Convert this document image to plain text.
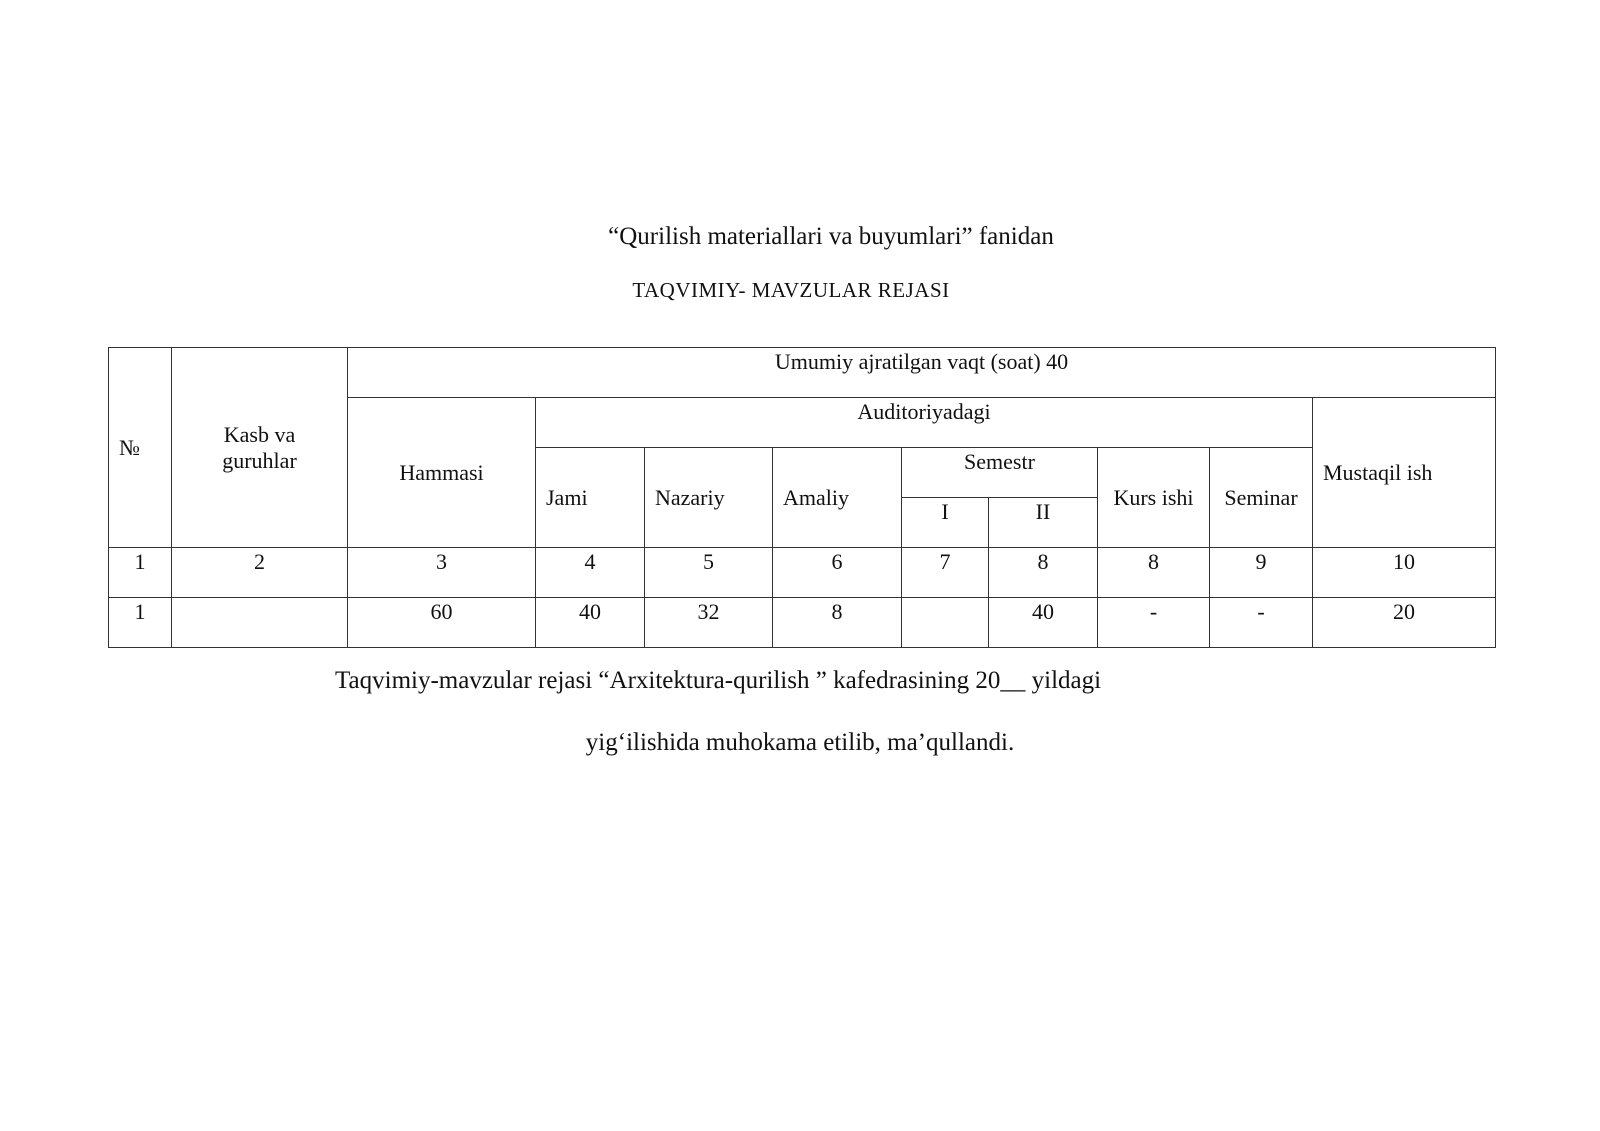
“Qurilish materiallari va buyumlari” fanidan
TAQVIMIY- MAVZULAR REJASI
№	Kasb va guruhlar	Umumiy ajratilgan vaqt (soat) 40								
		Hammasi	Auditoriyadagi							Mustaqil ish
			Jami	Nazariy	Amaliy	Semestr		Kurs ishi	Seminar	
						I	II			
1	2	3	4	5	6	7	8	8	9	10
1		60	40	32	8		40	-	-	20
Taqvimiy-mavzular rejasi “Arxitektura-qurilish ” kafedrasining 20__ yildagi
yig‘ilishida muhokama etilib, ma’qullandi.
